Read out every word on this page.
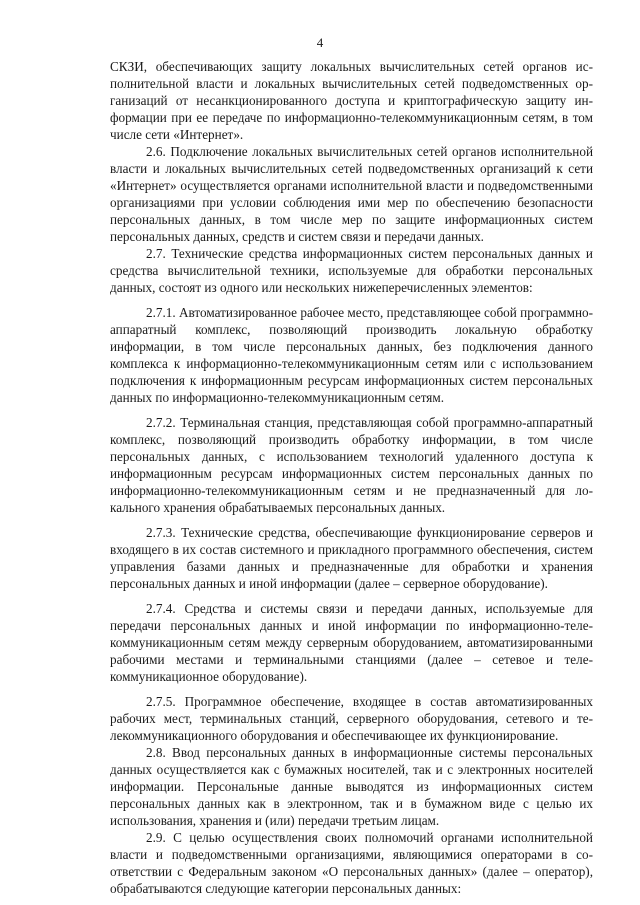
4

СКЗИ, обеспечивающих защиту локальных вычислительных сетей органов исполнительной власти и локальных вычислительных сетей подведомственных организаций от несанкционированного доступа и криптографическую защиту информации при ее передаче по информационно-телекоммуникационным сетям, в том числе сети «Интернет».

2.6. Подключение локальных вычислительных сетей органов исполнительной власти и локальных вычислительных сетей подведомственных организаций к сети «Интернет» осуществляется органами исполнительной власти и подведомственными организациями при условии соблюдения ими мер по обеспечению безопасности персональных данных, в том числе мер по защите информационных систем персональных данных, средств и систем связи и передачи данных.

2.7. Технические средства информационных систем персональных данных и средства вычислительной техники, используемые для обработки персональных данных, состоят из одного или нескольких нижеперечисленных элементов:

2.7.1. Автоматизированное рабочее место, представляющее собой программно-аппаратный комплекс, позволяющий производить локальную обработку информации, в том числе персональных данных, без подключения данного комплекса к информационно-телекоммуникационным сетям или с использованием подключения к информационным ресурсам информационных систем персональных данных по информационно-телекоммуникационным сетям.

2.7.2. Терминальная станция, представляющая собой программно-аппаратный комплекс, позволяющий производить обработку информации, в том числе персональных данных, с использованием технологий удаленного доступа к информационным ресурсам информационных систем персональных данных по информационно-телекоммуникационным сетям и не предназначенный для локального хранения обрабатываемых персональных данных.

2.7.3. Технические средства, обеспечивающие функционирование серверов и входящего в их состав системного и прикладного программного обеспечения, систем управления базами данных и предназначенные для обработки и хранения персональных данных и иной информации (далее – серверное оборудование).

2.7.4. Средства и системы связи и передачи данных, используемые для передачи персональных данных и иной информации по информационно-телекоммуникационным сетям между серверным оборудованием, автоматизированными рабочими местами и терминальными станциями (далее – сетевое и телекоммуникационное оборудование).

2.7.5. Программное обеспечение, входящее в состав автоматизированных рабочих мест, терминальных станций, серверного оборудования, сетевого и телекоммуникационного оборудования и обеспечивающее их функционирование.

2.8. Ввод персональных данных в информационные системы персональных данных осуществляется как с бумажных носителей, так и с электронных носителей информации. Персональные данные выводятся из информационных систем персональных данных как в электронном, так и в бумажном виде с целью их использования, хранения и (или) передачи третьим лицам.

2.9. С целью осуществления своих полномочий органами исполнительной власти и подведомственными организациями, являющимися операторами в соответствии с Федеральным законом «О персональных данных» (далее – оператор), обрабатываются следующие категории персональных данных:
